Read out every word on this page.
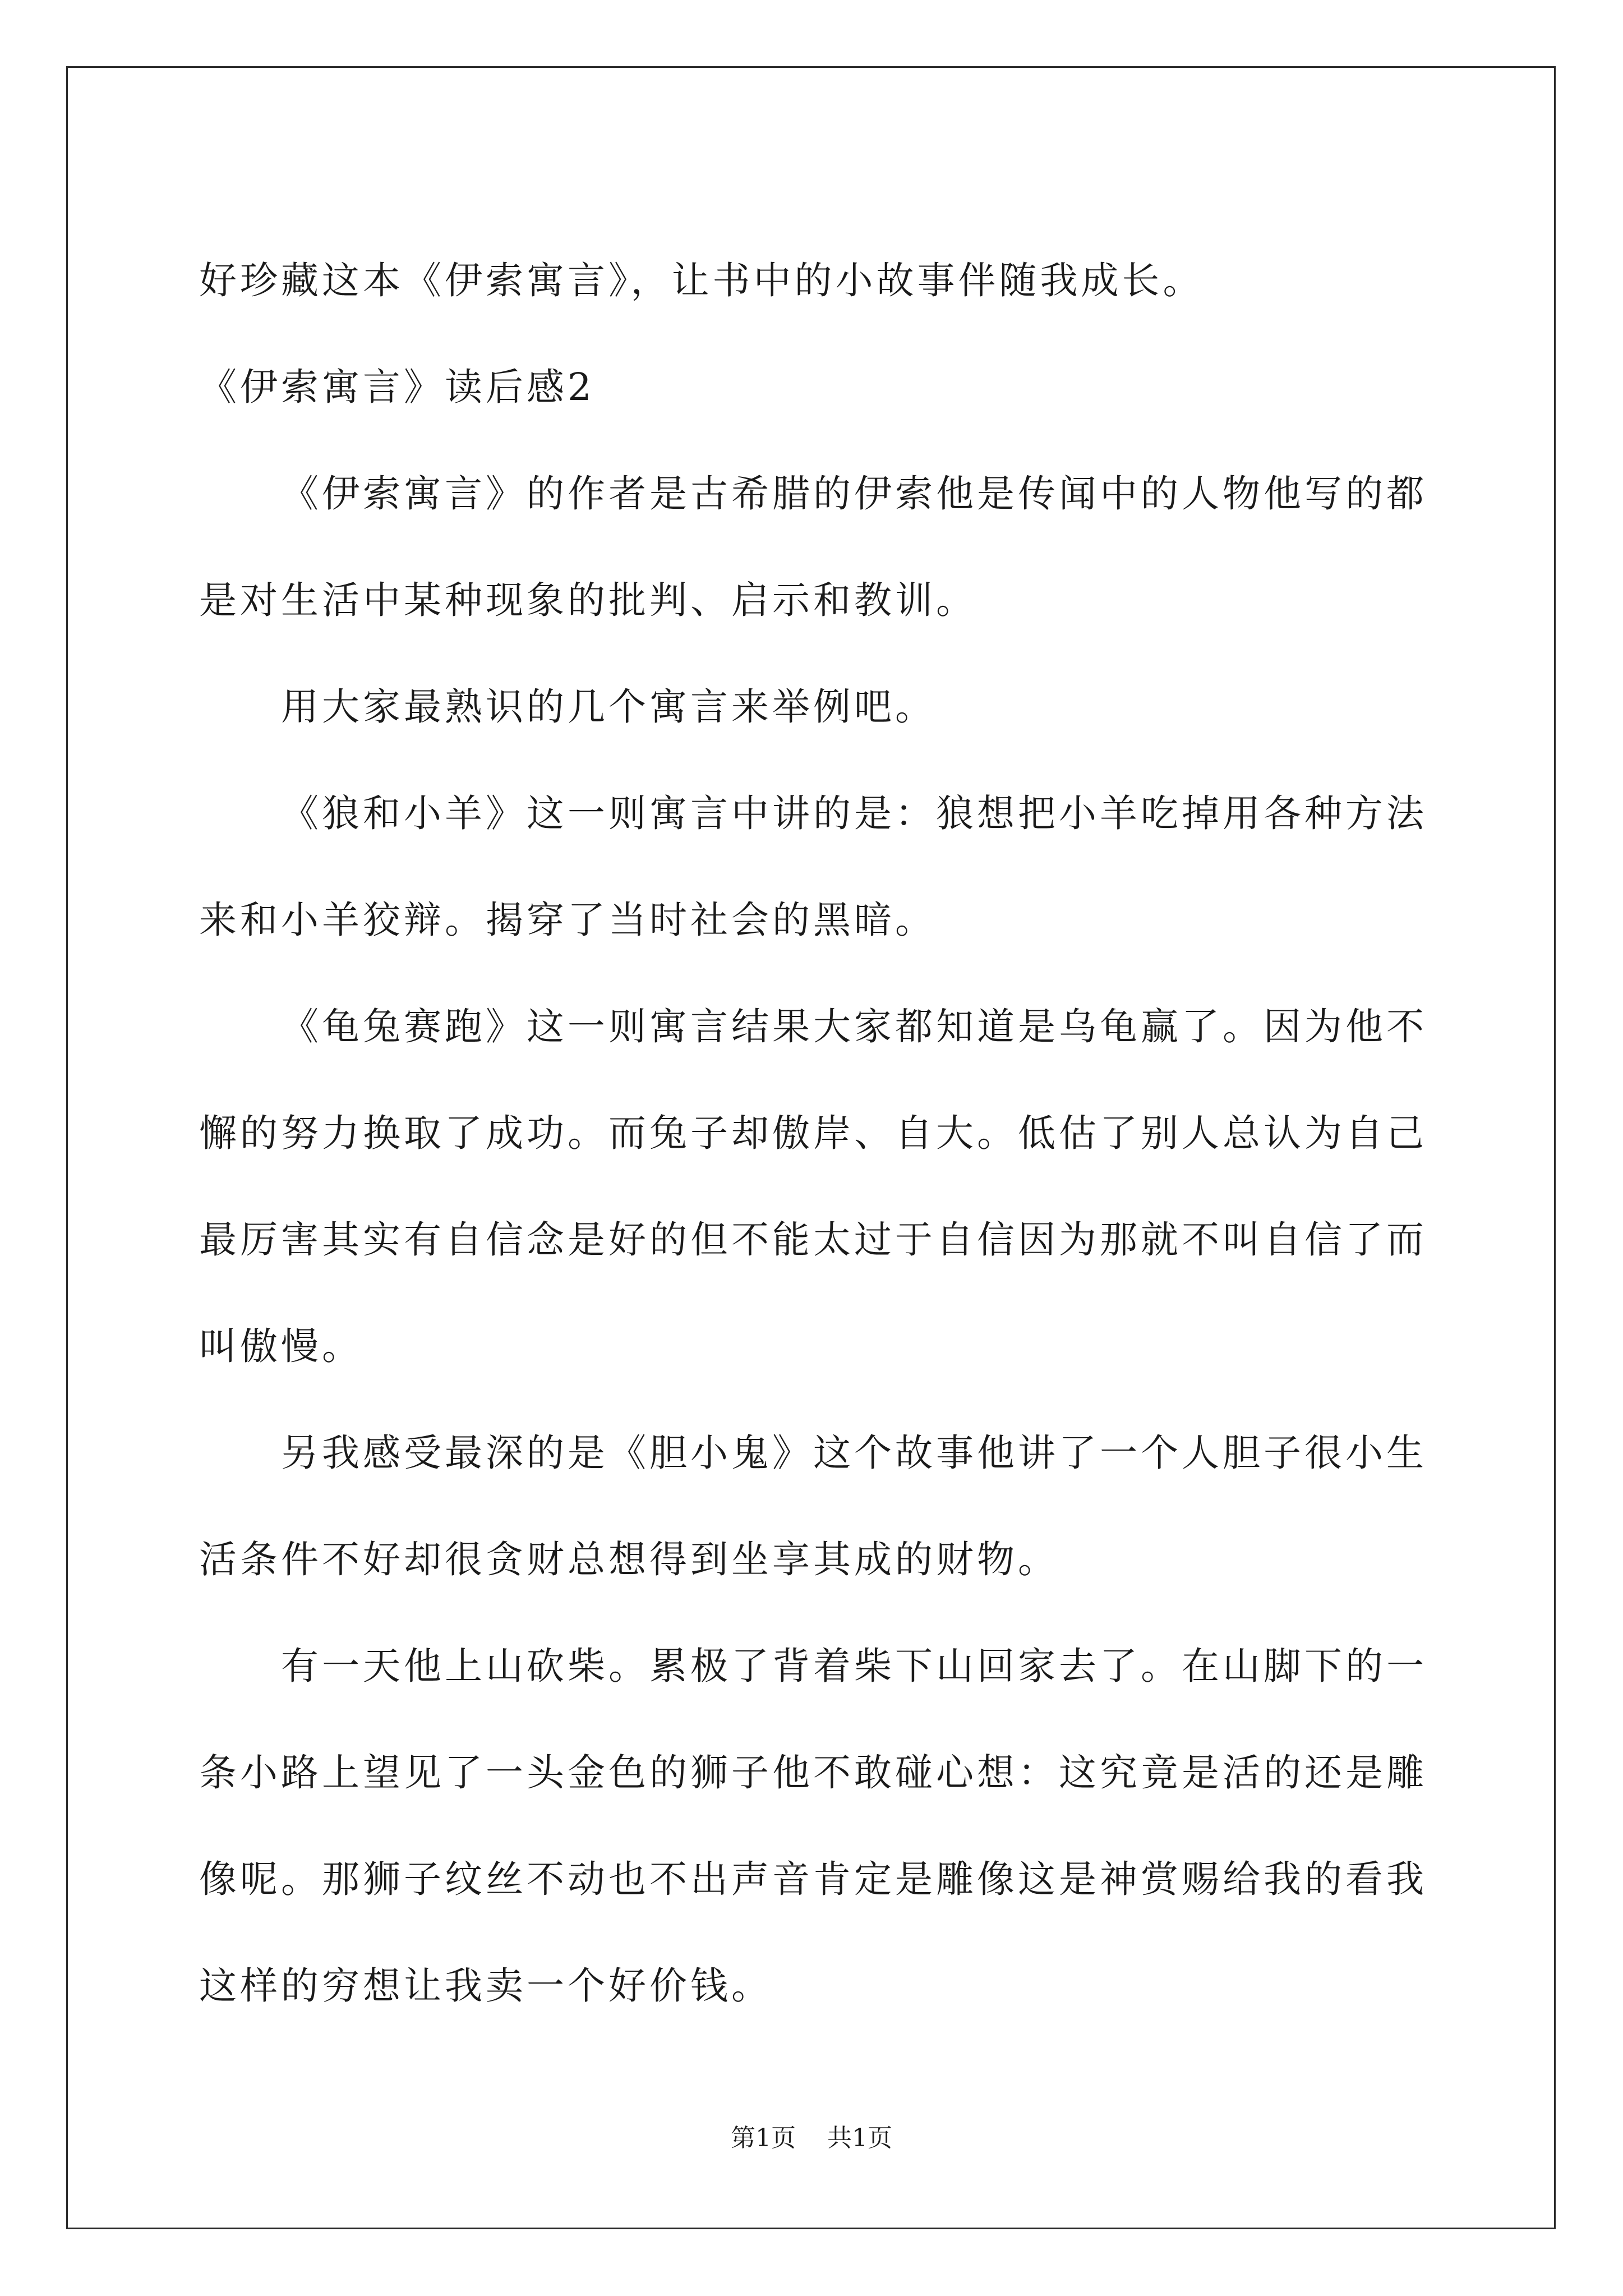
好珍藏这本《伊索寓言》，让书中的小故事伴随我成长。
《伊索寓言》读后感2
《伊索寓言》的作者是古希腊的伊索他是传闻中的人物他写的都
是对生活中某种现象的批判、启示和教训。
用大家最熟识的几个寓言来举例吧。
《狼和小羊》这一则寓言中讲的是：狼想把小羊吃掉用各种方法
来和小羊狡辩。揭穿了当时社会的黑暗。
《龟兔赛跑》这一则寓言结果大家都知道是乌龟赢了。因为他不
懈的努力换取了成功。而兔子却傲岸、自大。低估了别人总认为自己
最厉害其实有自信念是好的但不能太过于自信因为那就不叫自信了而
叫傲慢。
另我感受最深的是《胆小鬼》这个故事他讲了一个人胆子很小生
活条件不好却很贪财总想得到坐享其成的财物。
有一天他上山砍柴。累极了背着柴下山回家去了。在山脚下的一
条小路上望见了一头金色的狮子他不敢碰心想：这究竟是活的还是雕
像呢。那狮子纹丝不动也不出声音肯定是雕像这是神赏赐给我的看我
这样的穷想让我卖一个好价钱。
第1页 共1页
